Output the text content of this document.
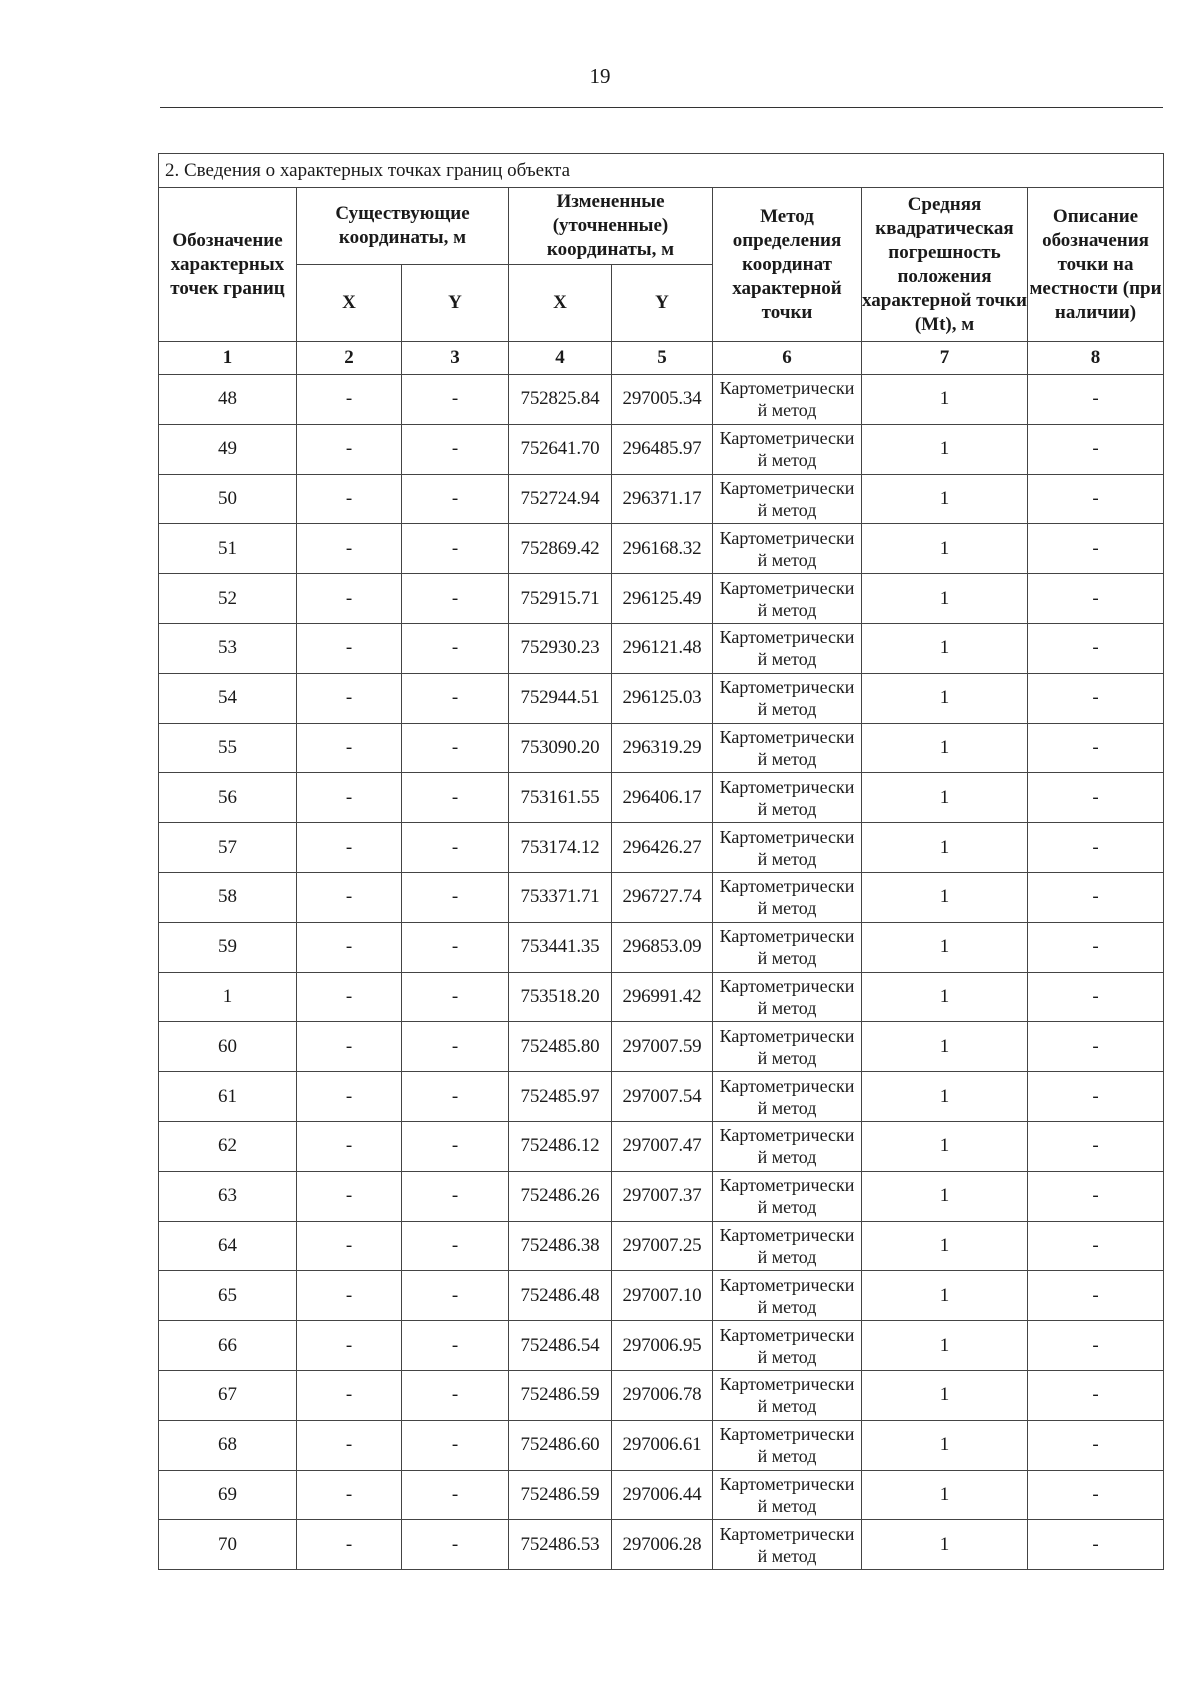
19
2. Сведения о характерных точках границ объекта							
Обозначение характерных точек границ	Существующие координаты, м		Измененные (уточненные) координаты, м		Метод определения координат характерной точки	Средняя квадратическая погрешность положения характерной точки (Mt), м	Описание обозначения точки на местности (при наличии)
	X	Y	X	Y			
1	2	3	4	5	6	7	8
48	-	-	752825.84	297005.34	Картометрический метод	1	-
49	-	-	752641.70	296485.97	Картометрический метод	1	-
50	-	-	752724.94	296371.17	Картометрический метод	1	-
51	-	-	752869.42	296168.32	Картометрический метод	1	-
52	-	-	752915.71	296125.49	Картометрический метод	1	-
53	-	-	752930.23	296121.48	Картометрический метод	1	-
54	-	-	752944.51	296125.03	Картометрический метод	1	-
55	-	-	753090.20	296319.29	Картометрический метод	1	-
56	-	-	753161.55	296406.17	Картометрический метод	1	-
57	-	-	753174.12	296426.27	Картометрический метод	1	-
58	-	-	753371.71	296727.74	Картометрический метод	1	-
59	-	-	753441.35	296853.09	Картометрический метод	1	-
1	-	-	753518.20	296991.42	Картометрический метод	1	-
60	-	-	752485.80	297007.59	Картометрический метод	1	-
61	-	-	752485.97	297007.54	Картометрический метод	1	-
62	-	-	752486.12	297007.47	Картометрический метод	1	-
63	-	-	752486.26	297007.37	Картометрический метод	1	-
64	-	-	752486.38	297007.25	Картометрический метод	1	-
65	-	-	752486.48	297007.10	Картометрический метод	1	-
66	-	-	752486.54	297006.95	Картометрический метод	1	-
67	-	-	752486.59	297006.78	Картометрический метод	1	-
68	-	-	752486.60	297006.61	Картометрический метод	1	-
69	-	-	752486.59	297006.44	Картометрический метод	1	-
70	-	-	752486.53	297006.28	Картометрический метод	1	-
